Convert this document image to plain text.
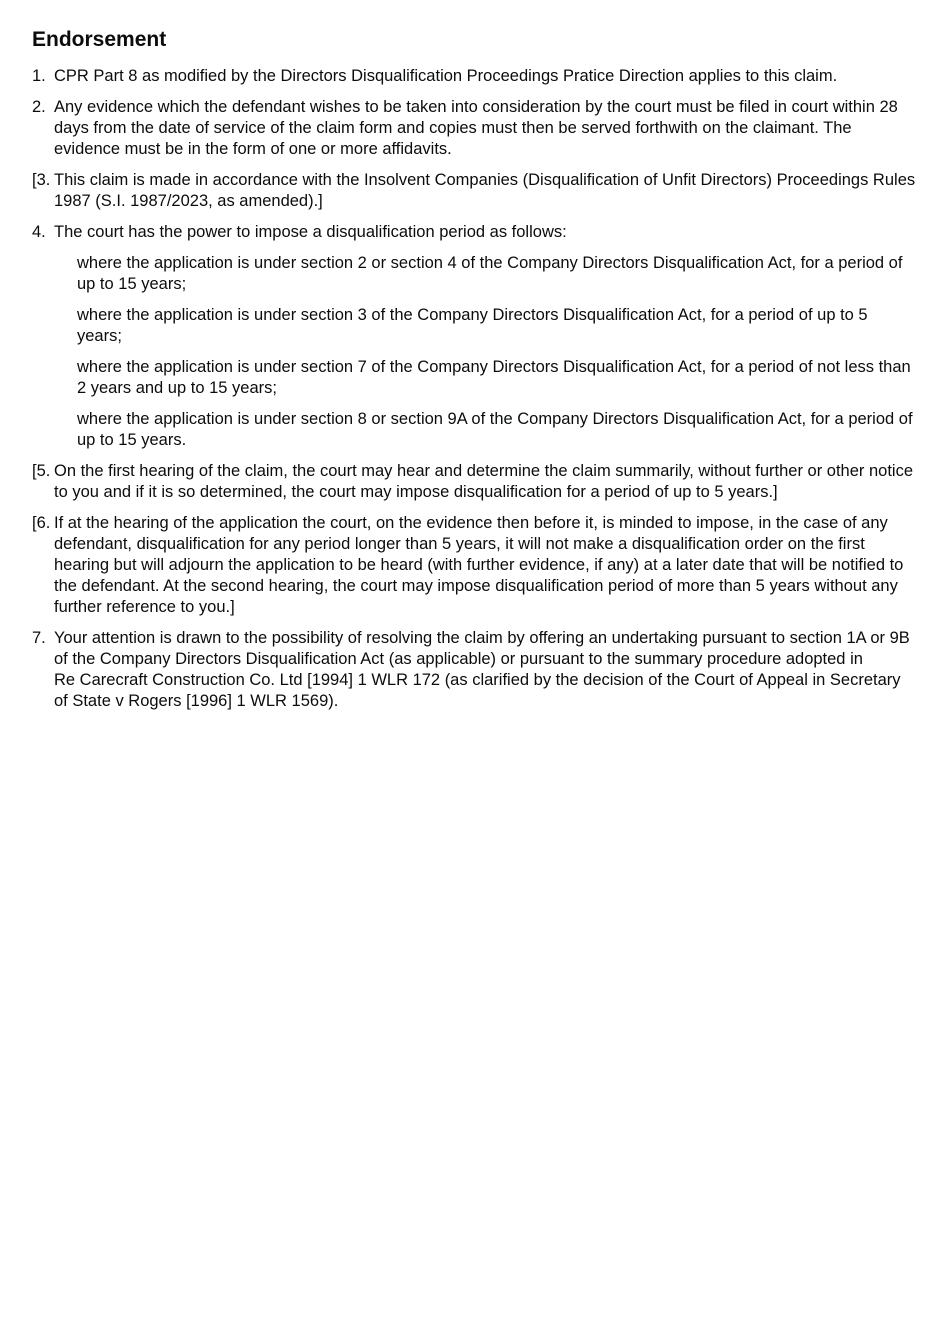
Endorsement
1. CPR Part 8 as modified by the Directors Disqualification Proceedings Pratice Direction applies to this claim.
2. Any evidence which the defendant wishes to be taken into consideration by the court must be filed in court within 28 days from the date of service of the claim form and copies must then be served forthwith on the claimant. The evidence must be in the form of one or more affidavits.
[3. This claim is made in accordance with the Insolvent Companies (Disqualification of Unfit Directors) Proceedings Rules 1987 (S.I. 1987/2023, as amended).]
4. The court has the power to impose a disqualification period as follows:
where the application is under section 2 or section 4 of the Company Directors Disqualification Act, for a period of up to 15 years;
where the application is under section 3 of the Company Directors Disqualification Act, for a period of up to 5 years;
where the application is under section 7 of the Company Directors Disqualification Act, for a period of not less than 2 years and up to 15 years;
where the application is under section 8 or section 9A of the Company Directors Disqualification Act, for a period of up to 15 years.
[5. On the first hearing of the claim, the court may hear and determine the claim summarily, without further or other notice to you and if it is so determined, the court may impose disqualification for a period of up to 5 years.]
[6. If at the hearing of the application the court, on the evidence then before it, is minded to impose, in the case of any defendant, disqualification for any period longer than 5 years, it will not make a disqualification order on the first hearing but will adjourn the application to be heard (with further evidence, if any) at a later date that will be notified to the defendant. At the second hearing, the court may impose disqualification period of more than 5 years without any further reference to you.]
7. Your attention is drawn to the possibility of resolving the claim by offering an undertaking pursuant to section 1A or 9B of the Company Directors Disqualification Act (as applicable) or pursuant to the summary procedure adopted in
Re Carecraft Construction Co. Ltd [1994] 1 WLR 172 (as clarified by the decision of the Court of Appeal in Secretary of State v Rogers [1996] 1 WLR 1569).
